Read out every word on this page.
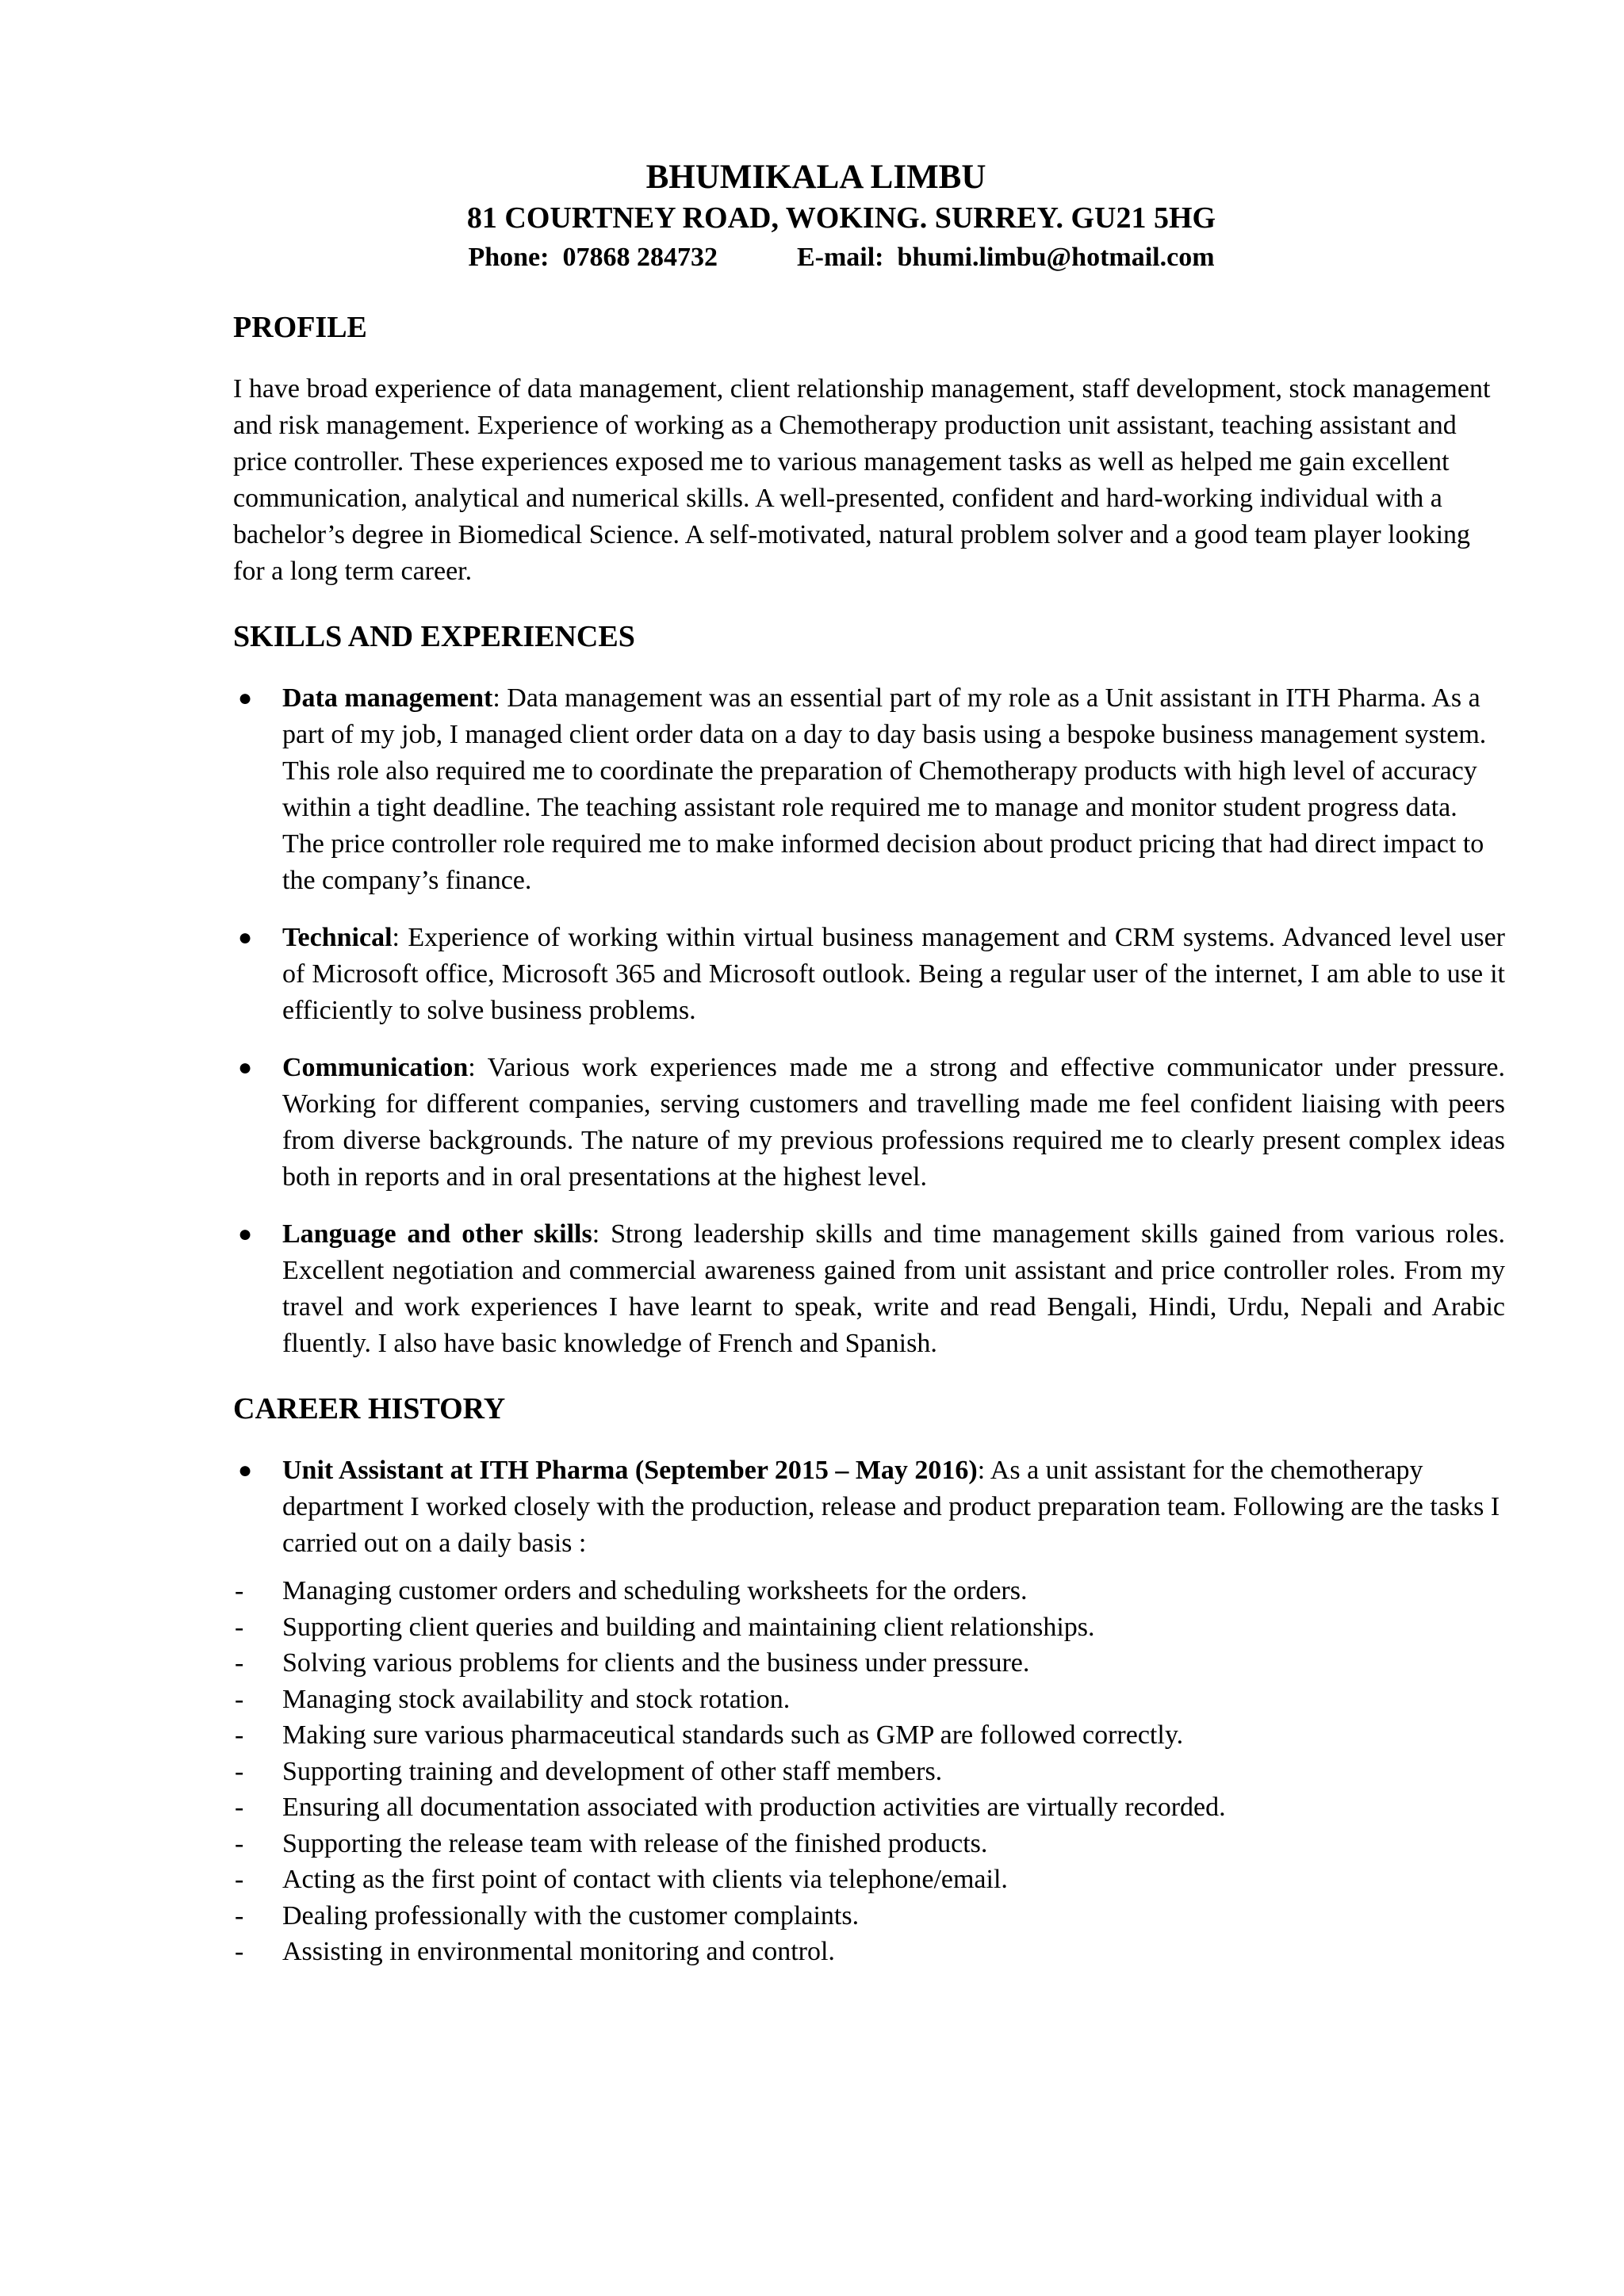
BHUMIKALA LIMBU

81 COURTNEY ROAD, WOKING. SURREY. GU21 5HG

Phone:  07868 284732	E-mail:  bhumi.limbu@hotmail.com

PROFILE

I have broad experience of data management, client relationship management, staff development, stock management and risk management. Experience of working as a Chemotherapy production unit assistant, teaching assistant and price controller. These experiences exposed me to various management tasks as well as helped me gain excellent communication, analytical and numerical skills. A well-presented, confident and hard-working individual with a bachelor’s degree in Biomedical Science. A self-motivated, natural problem solver and a good team player looking for a long term career.

SKILLS AND EXPERIENCES
● Data management: Data management was an essential part of my role as a Unit assistant in ITH Pharma. As a part of my job, I managed client order data on a day to day basis using a bespoke business management system. This role also required me to coordinate the preparation of Chemotherapy products with high level of accuracy within a tight deadline. The teaching assistant role required me to manage and monitor student progress data. The price controller role required me to make informed decision about product pricing that had direct impact to the company’s finance.
● Technical: Experience of working within virtual business management and CRM systems. Advanced level user of Microsoft office, Microsoft 365 and Microsoft outlook. Being a regular user of the internet, I am able to use it efficiently to solve business problems.
● Communication: Various work experiences made me a strong and effective communicator under pressure. Working for different companies, serving customers and travelling made me feel confident liaising with peers from diverse backgrounds. The nature of my previous professions required me to clearly present complex ideas both in reports and in oral presentations at the highest level.
● Language and other skills: Strong leadership skills and time management skills gained from various roles. Excellent negotiation and commercial awareness gained from unit assistant and price controller roles. From my travel and work experiences I have learnt to speak, write and read Bengali, Hindi, Urdu, Nepali and Arabic fluently. I also have basic knowledge of French and Spanish.
CAREER HISTORY
● Unit Assistant at ITH Pharma (September 2015 – May 2016): As a unit assistant for the chemotherapy department I worked closely with the production, release and product preparation team. Following are the tasks I carried out on a daily basis :
- Managing customer orders and scheduling worksheets for the orders.
- Supporting client queries and building and maintaining client relationships.
- Solving various problems for clients and the business under pressure.
- Managing stock availability and stock rotation.
- Making sure various pharmaceutical standards such as GMP are followed correctly.
- Supporting training and development of other staff members.
- Ensuring all documentation associated with production activities are virtually recorded.
- Supporting the release team with release of the finished products.
- Acting as the first point of contact with clients via telephone/email.
- Dealing professionally with the customer complaints.
- Assisting in environmental monitoring and control.
